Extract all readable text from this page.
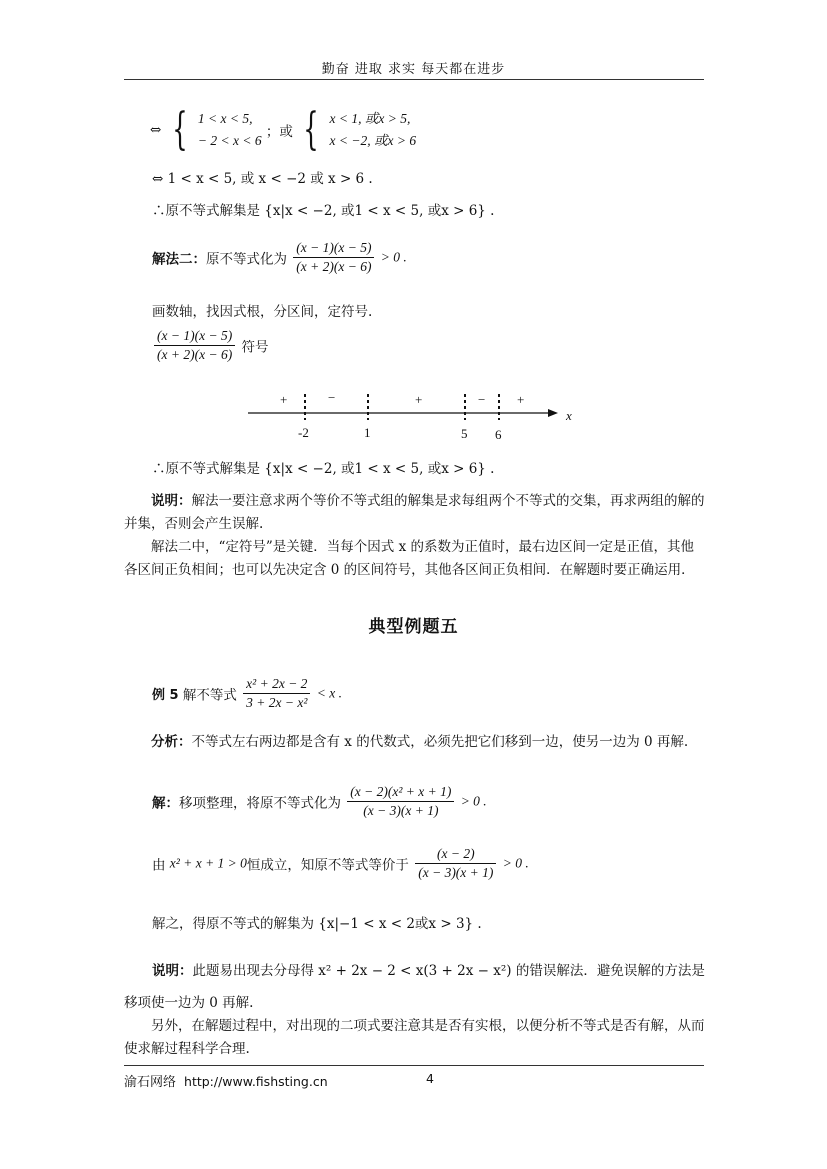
勤奋 进取 求实 每天都在进步
⇔ { 1 < x < 5,
− 2 < x < 6
；或 { x < 1, 或x > 5,
x < −2, 或x > 6
⇔ 1 < x < 5, 或 x < −2 或 x > 6 .
∴原不等式解集是 {x|x < −2, 或1 < x < 5, 或x > 6} .
解法二：原不等式化为 $\frac{(x - 1)(x - 5)}{(x + 2)(x - 6)} > 0$ .
画数轴，找因式根，分区间，定符号.
$\frac{(x - 1)(x - 5)}{(x + 2)(x - 6)}$ 符号
x
+	−	+	− +
-2	1	5 6
∴原不等式解集是 {x|x < −2, 或1 < x < 5, 或x > 6} .
说明：解法一要注意求两个等价不等式组的解集是求每组两个不等式的交集，再求两组的解的并集，否则会产生误解.
解法二中，“定符号”是关键．当每个因式 x 的系数为正值时，最右边区间一定是正值，其他各区间正负相间；也可以先决定含 0 的区间符号，其他各区间正负相间．在解题时要正确运用．
典型例题五
例 5 解不等式 $\frac{\text{x² + 2x − 2}}{\text{3 + 2x − x²}} < x$ .
分析：不等式左右两边都是含有 x 的代数式，必须先把它们移到一边，使另一边为 0 再解.
解：移项整理，将原不等式化为 $\frac{\text{(x − 2)(x² + x + 1)}}{(x - 3)(x + 1)} > 0$ .
由 x² + x + 1 > 0恒成立，知原不等式等价于 $\frac{(x - 2)}{(x - 3)(x + 1)} > 0$ .
解之，得原不等式的解集为 {x|−1 < x < 2或x > 3} .
说明：此题易出现去分母得 x² + 2x − 2 < x(3 + 2x − x²) 的错误解法．避免误解的方法是
移项使一边为 0 再解.
另外，在解题过程中，对出现的二项式要注意其是否有实根，以便分析不等式是否有解，从而使求解过程科学合理.
渝石网络 http://www.fishsting.cn	4
